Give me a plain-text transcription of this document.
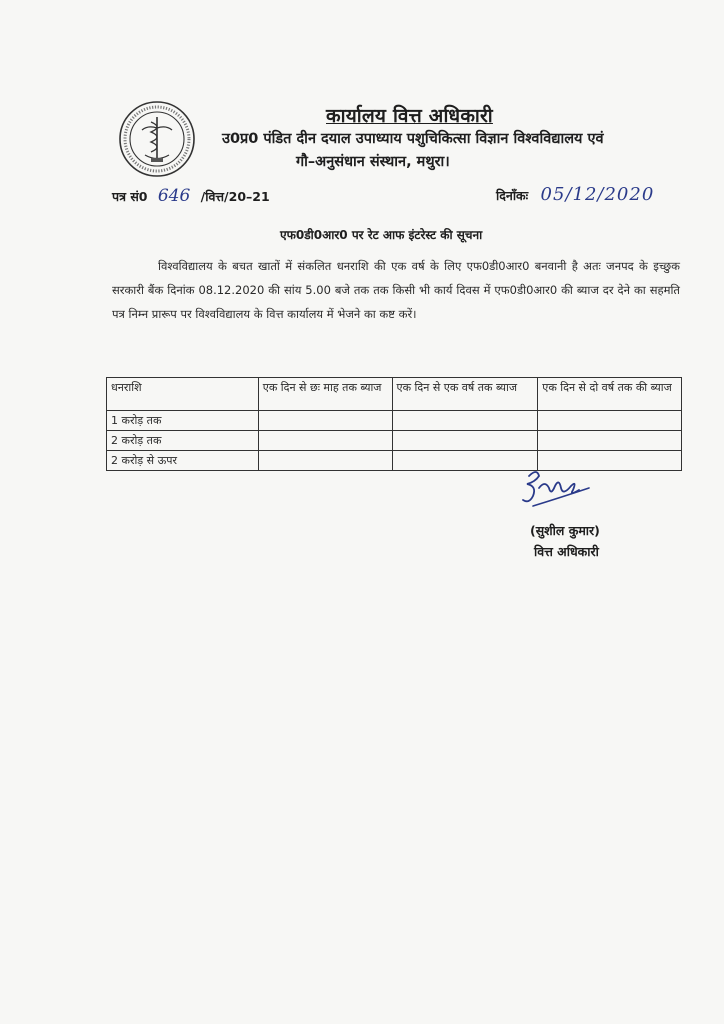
कार्यालय वित्त अधिकारी
उ0प्र0 पंडित दीन दयाल उपाध्याय पशुचिकित्सा विज्ञान विश्वविद्यालय एवं
गौ–अनुसंधान संस्थान, मथुरा।
पत्र सं0 646 /वित्त/20–21	दिनॉंकः 05/12/2020
एफ0डी0आर0 पर रेट आफ इंटरेस्ट की सूचना
विश्वविद्यालय के बचत खातों में संकलित धनराशि की एक वर्ष के लिए एफ0डी0आर0 बनवानी है अतः जनपद के इच्छुक सरकारी बैंक दिनांक 08.12.2020 की सांय 5.00 बजे तक तक किसी भी कार्य दिवस में एफ0डी0आर0 की ब्याज दर देने का सहमति पत्र निम्न प्रारूप पर विश्वविद्यालय के वित्त कार्यालय में भेजने का कष्ट करें।
धनराशि	एक दिन से छः माह तक ब्याज	एक दिन से एक वर्ष तक ब्याज	एक दिन से दो वर्ष तक की ब्याज
1 करोड़ तक			
2 करोड़ तक			
2 करोड़ से ऊपर			
(सुशील कुमार)
वित्त अधिकारी
